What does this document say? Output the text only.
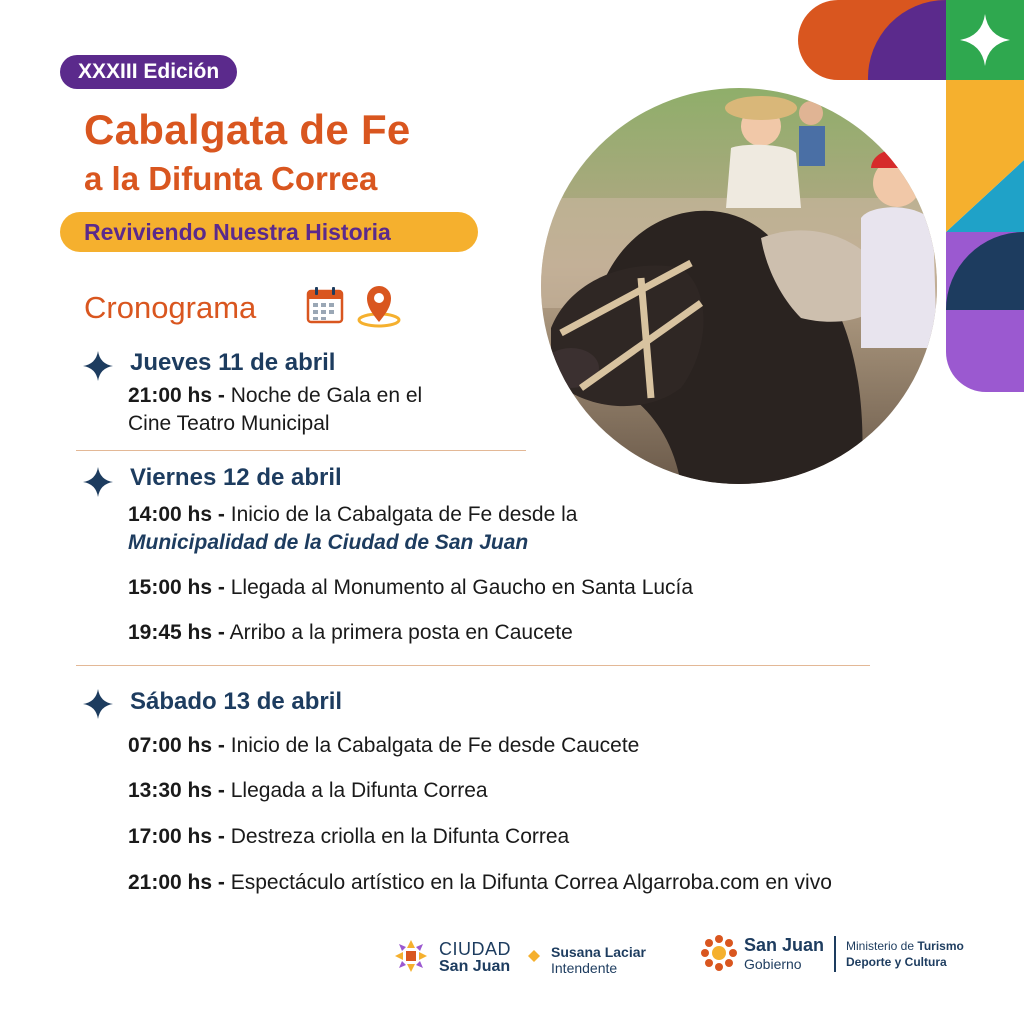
XXXIII Edición
Cabalgata de Fe
a la Difunta Correa
Reviviendo Nuestra Historia
Cronograma
Jueves 11 de abril
21:00 hs - Noche de Gala en el
Cine Teatro Municipal
Viernes 12 de abril
14:00 hs - Inicio de la Cabalgata de Fe desde la
Municipalidad de la Ciudad de San Juan
15:00 hs - Llegada al Monumento al Gaucho en Santa Lucía
19:45 hs - Arribo a la primera posta en Caucete
Sábado 13 de abril
07:00 hs - Inicio de la Cabalgata de Fe desde Caucete
13:30 hs - Llegada a la Difunta Correa
17:00 hs - Destreza criolla en la Difunta Correa
21:00 hs - Espectáculo artístico en la Difunta Correa Algarroba.com en vivo
CIUDAD
San Juan
Susana Laciar
Intendente
San Juan
Gobierno
Ministerio de Turismo
Deporte y Cultura
